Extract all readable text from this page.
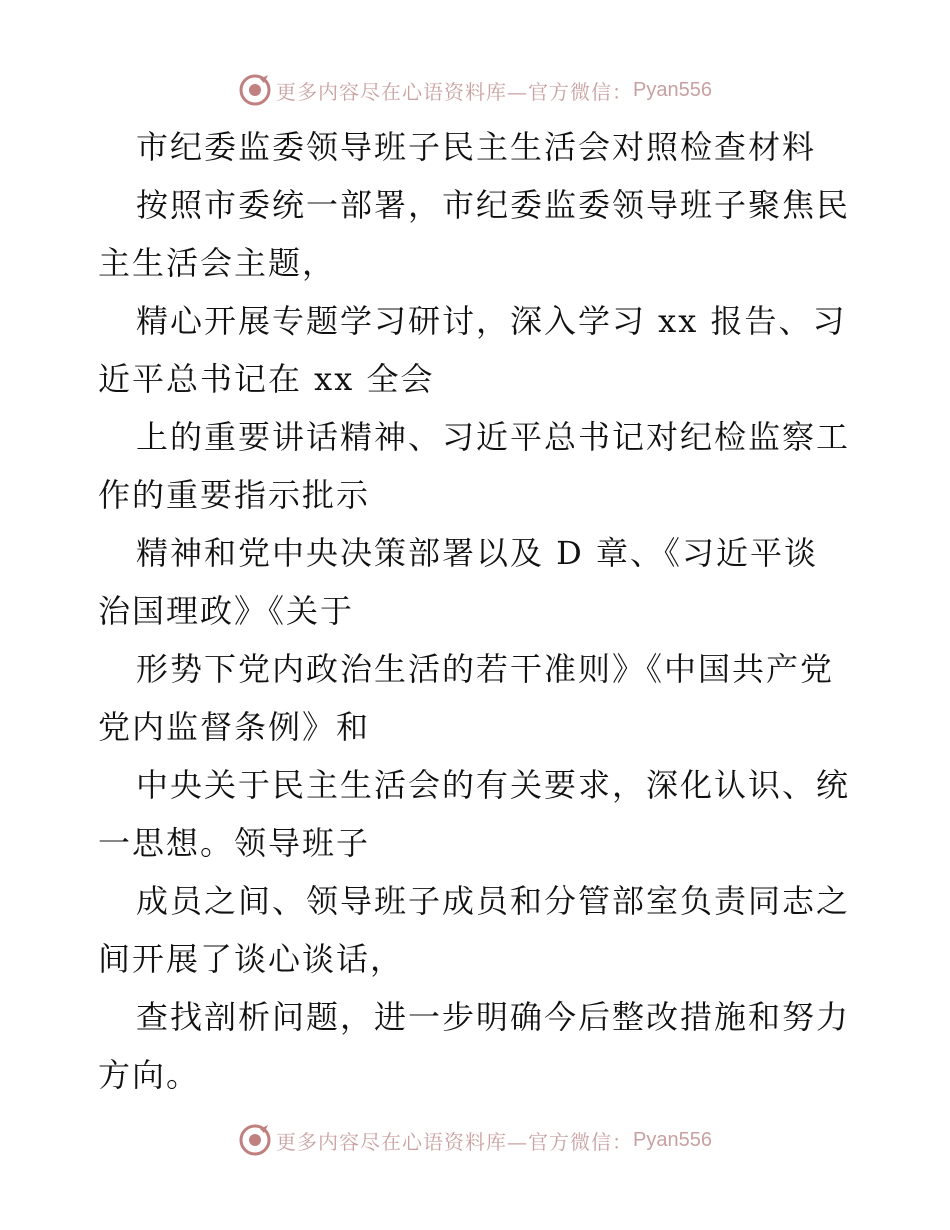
更多内容尽在心语资料库—官方微信： Pyan556
市纪委监委领导班子民主生活会对照检查材料

按照市委统一部署，市纪委监委领导班子聚焦民
主生活会主题，

精心开展专题学习研讨，深入学习 xx 报告、习
近平总书记在 xx 全会

上的重要讲话精神、习近平总书记对纪检监察工
作的重要指示批示

精神和党中央决策部署以及 D 章、《习近平谈
治国理政》《关于

形势下党内政治生活的若干准则》《中国共产党
党内监督条例》和

中央关于民主生活会的有关要求，深化认识、统
一思想。领导班子

成员之间、领导班子成员和分管部室负责同志之
间开展了谈心谈话，

查找剖析问题，进一步明确今后整改措施和努力
方向。

更多内容尽在心语资料库—官方微信： Pyan556
